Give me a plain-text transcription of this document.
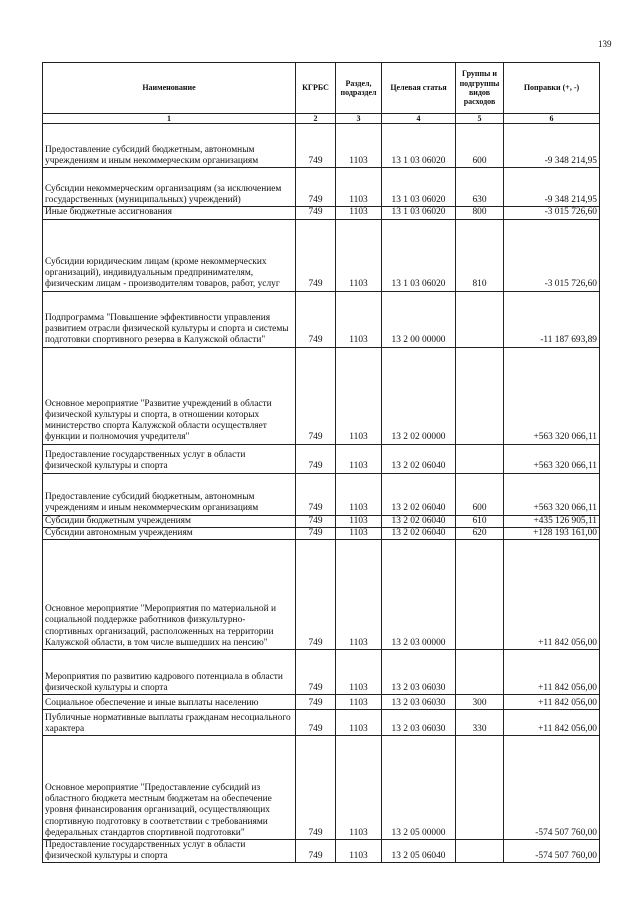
139
Наименование	КГРБС	Раздел, подраздел	Целевая статья	Группы и подгруппы видов расходов	Поправки (+, -)
1	2	3	4	5	6
Предоставление субсидий бюджетным, автономным учреждениям и иным некоммерческим организациям	749	1103	13 1 03 06020	600	-9 348 214,95
Субсидии некоммерческим организациям (за исключением государственных (муниципальных) учреждений)	749	1103	13 1 03 06020	630	-9 348 214,95
Иные бюджетные ассигнования	749	1103	13 1 03 06020	800	-3 015 726,60
Субсидии юридическим лицам (кроме некоммерческих организаций), индивидуальным предпринимателям, физическим лицам - производителям товаров, работ, услуг	749	1103	13 1 03 06020	810	-3 015 726,60
Подпрограмма "Повышение эффективности управления развитием отрасли физической культуры и спорта и системы подготовки спортивного резерва в Калужской области"	749	1103	13 2 00 00000		-11 187 693,89
Основное мероприятие "Развитие учреждений в области физической культуры и спорта, в отношении которых министерство спорта Калужской области осуществляет функции и полномочия учредителя"	749	1103	13 2 02 00000		+563 320 066,11
Предоставление государственных услуг в области физической культуры и спорта	749	1103	13 2 02 06040		+563 320 066,11
Предоставление субсидий бюджетным, автономным учреждениям и иным некоммерческим организациям	749	1103	13 2 02 06040	600	+563 320 066,11
Субсидии бюджетным учреждениям	749	1103	13 2 02 06040	610	+435 126 905,11
Субсидии автономным учреждениям	749	1103	13 2 02 06040	620	+128 193 161,00
Основное мероприятие "Мероприятия по материальной и социальной поддержке работников физкультурно-спортивных организаций, расположенных на территории Калужской области, в том числе вышедших на пенсию"	749	1103	13 2 03 00000		+11 842 056,00
Мероприятия по развитию кадрового потенциала в области физической культуры и спорта	749	1103	13 2 03 06030		+11 842 056,00
Социальное обеспечение и иные выплаты населению	749	1103	13 2 03 06030	300	+11 842 056,00
Публичные нормативные выплаты гражданам несоциального характера	749	1103	13 2 03 06030	330	+11 842 056,00
Основное мероприятие "Предоставление субсидий из областного бюджета местным бюджетам на обеспечение уровня финансирования организаций, осуществляющих спортивную подготовку в соответствии с требованиями федеральных стандартов спортивной подготовки"	749	1103	13 2 05 00000		-574 507 760,00
Предоставление государственных услуг в области физической культуры и спорта	749	1103	13 2 05 06040		-574 507 760,00
